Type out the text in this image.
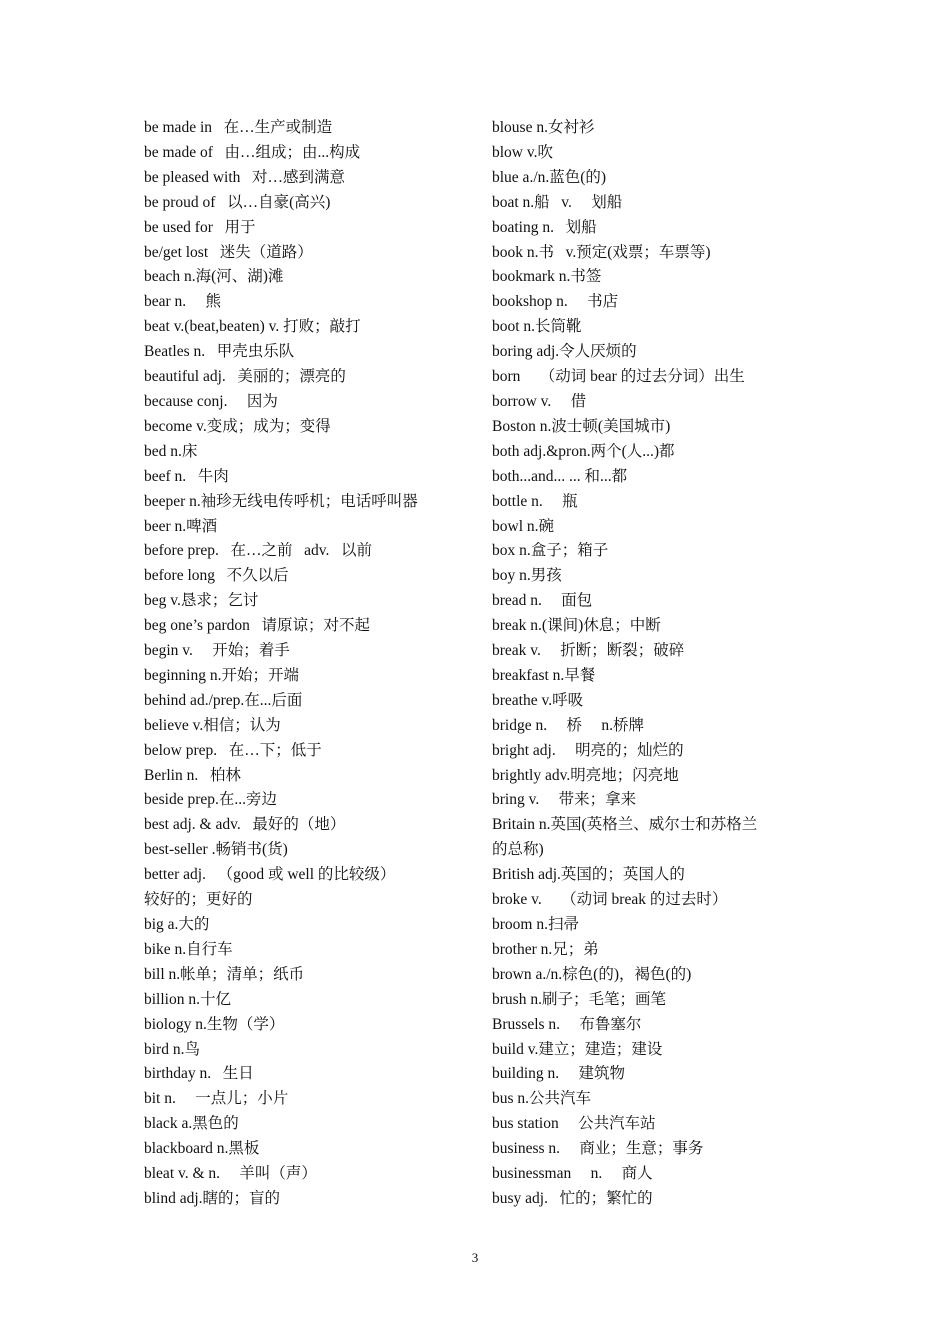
be made in   在…生产或制造
be made of   由…组成；由...构成
be pleased with   对…感到满意
be proud of   以…自豪(高兴)
be used for   用于
be/get lost   迷失（道路）
beach n.海(河、湖)滩
bear n.     熊
beat v.(beat,beaten) v. 打败；敲打
Beatles n.   甲壳虫乐队
beautiful adj.   美丽的；漂亮的
because conj.     因为
become v.变成；成为；变得
bed n.床
beef n.   牛肉
beeper n.袖珍无线电传呼机；电话呼叫器
beer n.啤酒
before prep.   在…之前   adv.   以前
before long   不久以后
beg v.恳求；乞讨
beg one’s pardon   请原谅；对不起
begin v.     开始；着手
beginning n.开始；开端
behind ad./prep.在...后面
believe v.相信；认为
below prep.   在…下；低于
Berlin n.   柏林
beside prep.在...旁边
best adj. & adv.   最好的（地）
best-seller .畅销书(货)
better adj.   （good 或 well 的比较级）
较好的；更好的
big a.大的
bike n.自行车
bill n.帐单；清单；纸币
billion n.十亿
biology n.生物（学）
bird n.鸟
birthday n.   生日
bit n.     一点儿；小片
black a.黑色的
blackboard n.黑板
bleat v. & n.     羊叫（声）
blind adj.瞎的；盲的
blouse n.女衬衫
blow v.吹
blue a./n.蓝色(的)
boat n.船   v.     划船
boating n.   划船
book n.书   v.预定(戏票；车票等)
bookmark n.书签
bookshop n.     书店
boot n.长筒靴
boring adj.令人厌烦的
born     （动词 bear 的过去分词）出生
borrow v.     借
Boston n.波士顿(美国城市)
both adj.&pron.两个(人...)都
both...and... ... 和...都
bottle n.     瓶
bowl n.碗
box n.盒子；箱子
boy n.男孩
bread n.     面包
break n.(课间)休息；中断
break v.     折断；断裂；破碎
breakfast n.早餐
breathe v.呼吸
bridge n.     桥     n.桥牌
bright adj.     明亮的；灿烂的
brightly adv.明亮地；闪亮地
bring v.     带来；拿来
Britain n.英国(英格兰、威尔士和苏格兰
的总称)
British adj.英国的；英国人的
broke v.     （动词 break 的过去时）
broom n.扫帚
brother n.兄；弟
brown a./n.棕色(的)，褐色(的)
brush n.刷子；毛笔；画笔
Brussels n.     布鲁塞尔
build v.建立；建造；建设
building n.     建筑物
bus n.公共汽车
bus station     公共汽车站
business n.     商业；生意；事务
businessman     n.     商人
busy adj.   忙的；繁忙的
3
